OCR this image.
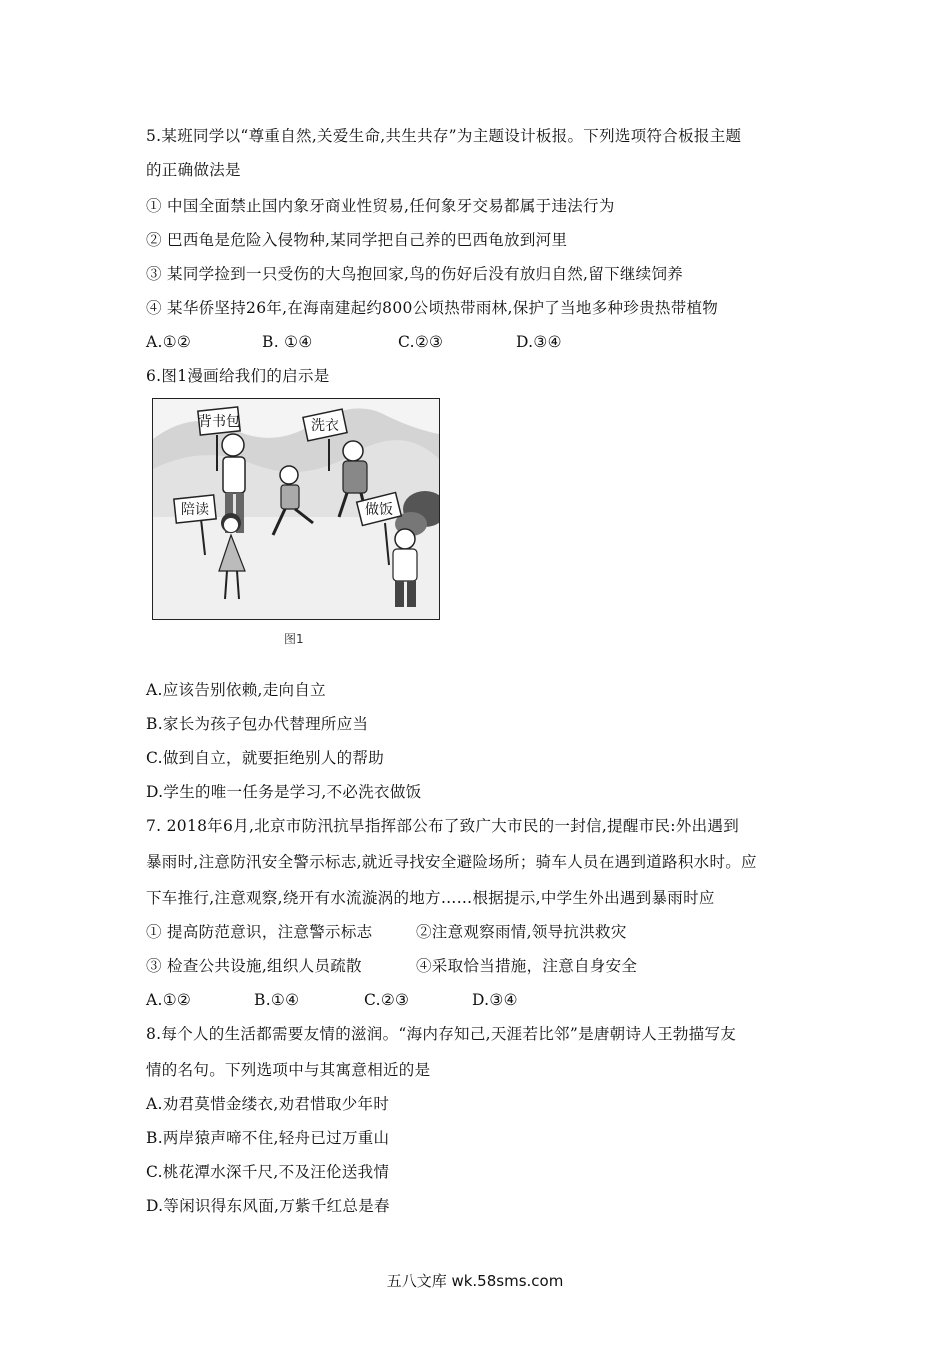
5.某班同学以“尊重自然,关爱生命,共生共存”为主题设计板报。下列选项符合板报主题
的正确做法是
① 中国全面禁止国内象牙商业性贸易,任何象牙交易都属于违法行为
② 巴西龟是危险入侵物种,某同学把自己养的巴西龟放到河里
③ 某同学捡到一只受伤的大鸟抱回家,鸟的伤好后没有放归自然,留下继续饲养
④ 某华侨坚持26年,在海南建起约800公顷热带雨林,保护了当地多种珍贵热带植物
A.①②	B. ①④	C.②③	D.③④
6.图1漫画给我们的启示是
背书包	洗衣
陪读	做饭
图1
A.应该告别依赖,走向自立
B.家长为孩子包办代替理所应当
C.做到自立，就要拒绝别人的帮助
D.学生的唯一任务是学习,不必洗衣做饭
7. 2018年6月,北京市防汛抗旱指挥部公布了致广大市民的一封信,提醒市民:外出遇到
暴雨时,注意防汛安全警示标志,就近寻找安全避险场所；骑车人员在遇到道路积水时。应
下车推行,注意观察,绕开有水流漩涡的地方……根据提示,中学生外出遇到暴雨时应
① 提高防范意识，注意警示标志	②注意观察雨情,领导抗洪救灾
③ 检查公共设施,组织人员疏散	④采取恰当措施，注意自身安全
A.①②	B.①④	C.②③	D.③④
8.每个人的生活都需要友情的滋润。“海内存知己,天涯若比邻”是唐朝诗人王勃描写友
情的名句。下列选项中与其寓意相近的是
A.劝君莫惜金缕衣,劝君惜取少年时
B.两岸猿声啼不住,轻舟已过万重山
C.桃花潭水深千尺,不及汪伦送我情
D.等闲识得东风面,万紫千红总是春
五八文库 wk.58sms.com
